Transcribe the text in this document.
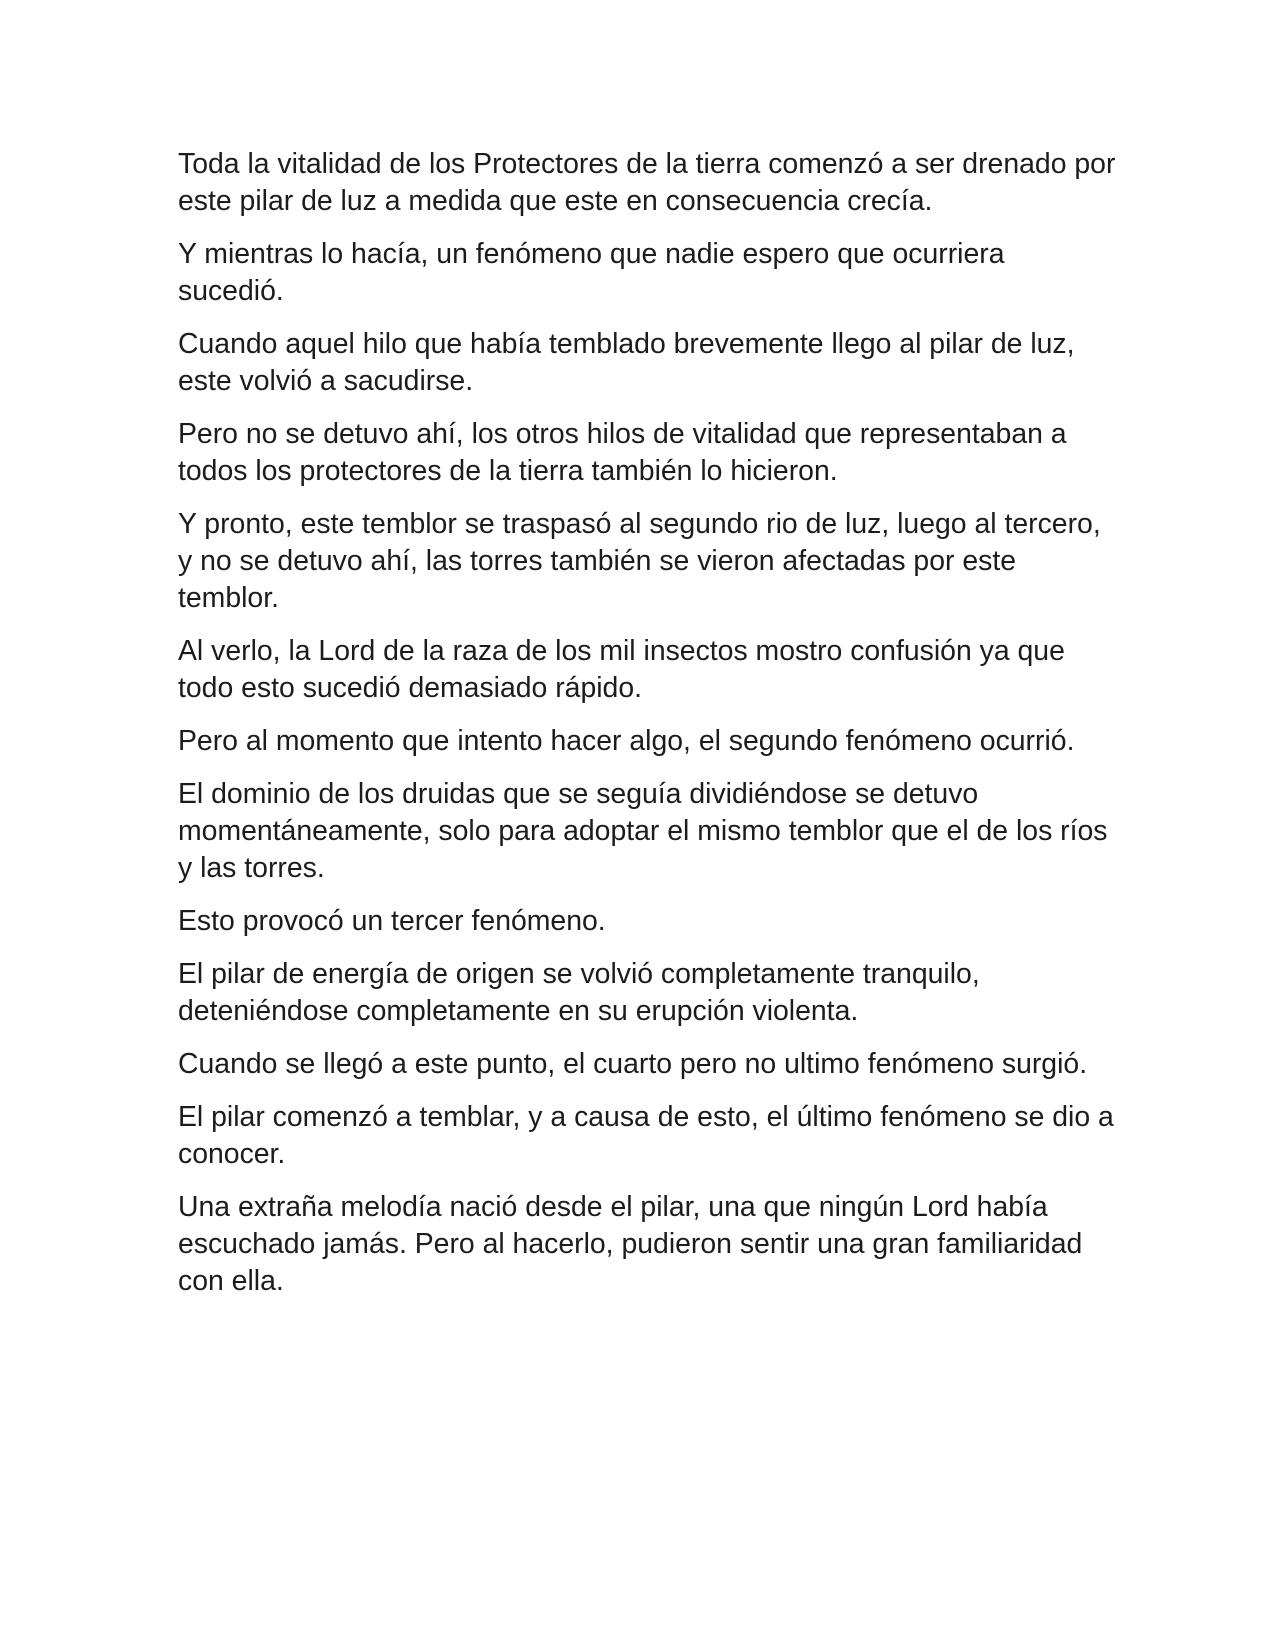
Toda la vitalidad de los Protectores de la tierra comenzó a ser drenado por este pilar de luz a medida que este en consecuencia crecía.

Y mientras lo hacía, un fenómeno que nadie espero que ocurriera sucedió.

Cuando aquel hilo que había temblado brevemente llego al pilar de luz, este volvió a sacudirse.

Pero no se detuvo ahí, los otros hilos de vitalidad que representaban a todos los protectores de la tierra también lo hicieron.

Y pronto, este temblor se traspasó al segundo rio de luz, luego al tercero, y no se detuvo ahí, las torres también se vieron afectadas por este temblor.

Al verlo, la Lord de la raza de los mil insectos mostro confusión ya que todo esto sucedió demasiado rápido.

Pero al momento que intento hacer algo, el segundo fenómeno ocurrió.

El dominio de los druidas que se seguía dividiéndose se detuvo momentáneamente, solo para adoptar el mismo temblor que el de los ríos y las torres.

Esto provocó un tercer fenómeno.

El pilar de energía de origen se volvió completamente tranquilo, deteniéndose completamente en su erupción violenta.

Cuando se llegó a este punto, el cuarto pero no ultimo fenómeno surgió.

El pilar comenzó a temblar, y a causa de esto, el último fenómeno se dio a conocer.

Una extraña melodía nació desde el pilar, una que ningún Lord había escuchado jamás. Pero al hacerlo, pudieron sentir una gran familiaridad con ella.
